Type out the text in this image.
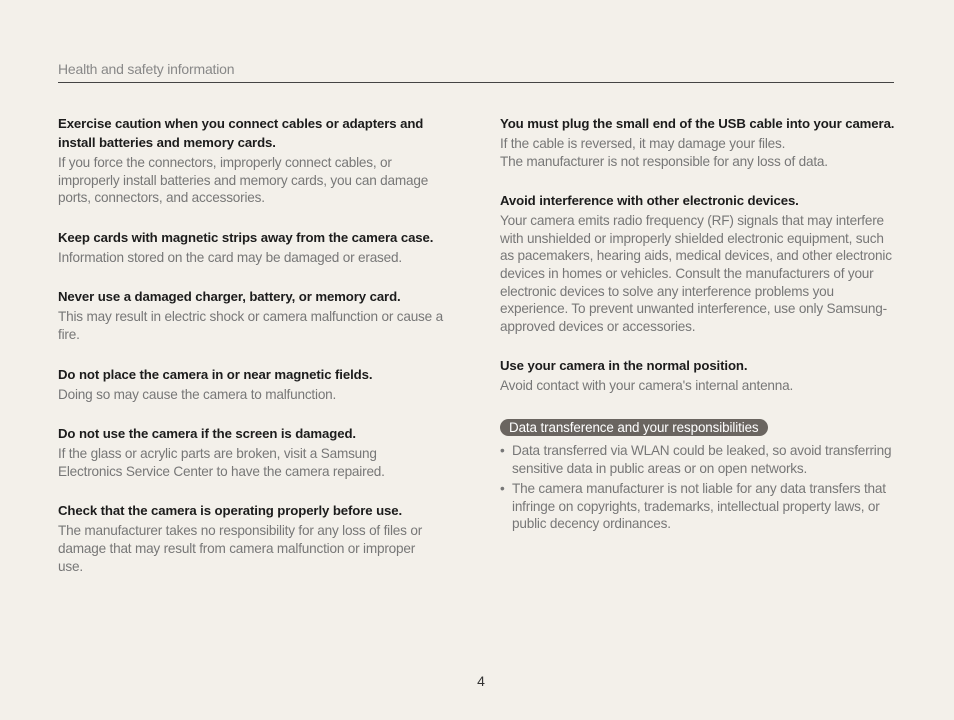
Health and safety information
Exercise caution when you connect cables or adapters and install batteries and memory cards.
If you force the connectors, improperly connect cables, or improperly install batteries and memory cards, you can damage ports, connectors, and accessories.
Keep cards with magnetic strips away from the camera case.
Information stored on the card may be damaged or erased.
Never use a damaged charger, battery, or memory card.
This may result in electric shock or camera malfunction or cause a fire.
Do not place the camera in or near magnetic fields.
Doing so may cause the camera to malfunction.
Do not use the camera if the screen is damaged.
If the glass or acrylic parts are broken, visit a Samsung Electronics Service Center to have the camera repaired.
Check that the camera is operating properly before use.
The manufacturer takes no responsibility for any loss of files or damage that may result from camera malfunction or improper use.
You must plug the small end of the USB cable into your camera.
If the cable is reversed, it may damage your files.
The manufacturer is not responsible for any loss of data.
Avoid interference with other electronic devices.
Your camera emits radio frequency (RF) signals that may interfere with unshielded or improperly shielded electronic equipment, such as pacemakers, hearing aids, medical devices, and other electronic devices in homes or vehicles. Consult the manufacturers of your electronic devices to solve any interference problems you experience. To prevent unwanted interference, use only Samsung-approved devices or accessories.
Use your camera in the normal position.
Avoid contact with your camera's internal antenna.
Data transference and your responsibilities
• Data transferred via WLAN could be leaked, so avoid transferring sensitive data in public areas or on open networks.
• The camera manufacturer is not liable for any data transfers that infringe on copyrights, trademarks, intellectual property laws, or public decency ordinances.
4
